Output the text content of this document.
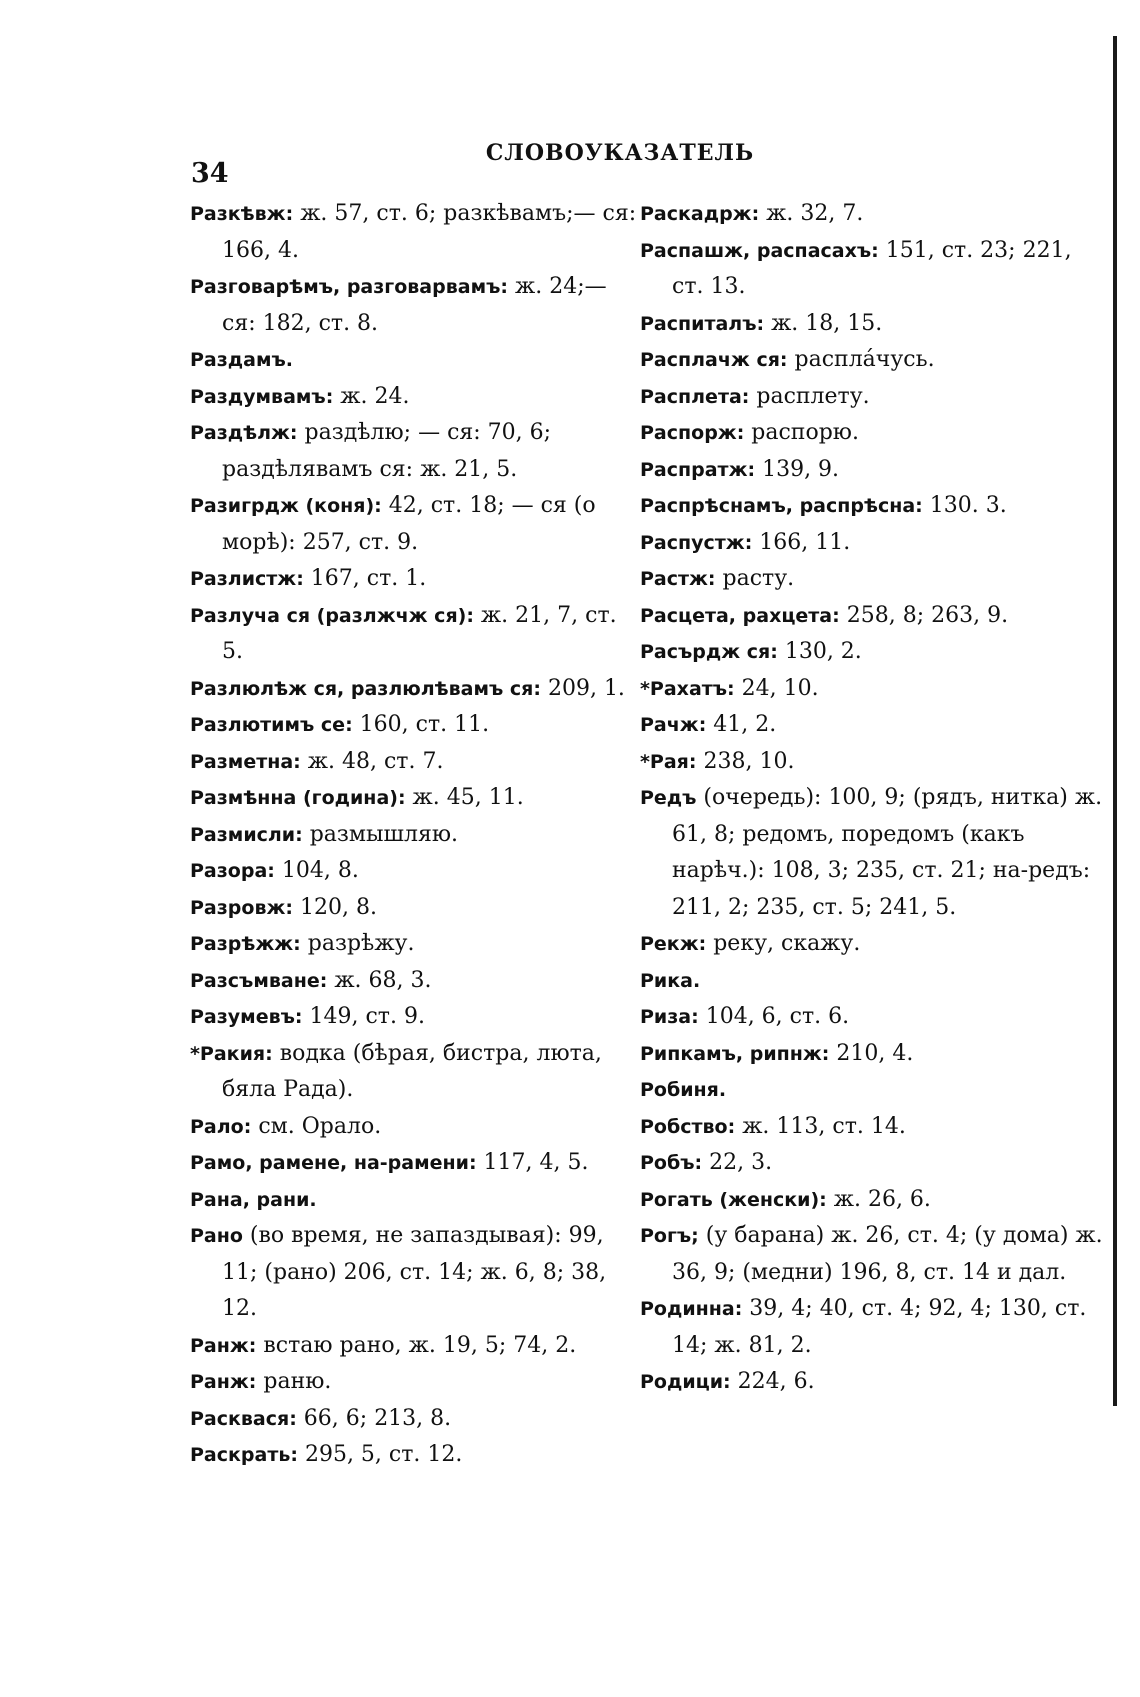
34
СЛОВОУКАЗАТЕЛЬ
Разкѣвж: ж. 57, ст. 6; разкѣвамъ;— ся: 166, 4.
Разговарѣмъ, разговарвамъ: ж. 24;— ся: 182, ст. 8.
Раздамъ.
Раздумвамъ: ж. 24.
Раздѣлж: раздѣлю; — ся: 70, 6; раздѣлявамъ ся: ж. 21, 5.
Разигрдж (коня): 42, ст. 18; — ся (о морѣ): 257, ст. 9.
Разлистж: 167, ст. 1.
Разлуча ся (разлжчж ся): ж. 21, 7, ст. 5.
Разлюлѣж ся, разлюлѣвамъ ся: 209, 1.
Разлютимъ се: 160, ст. 11.
Разметна: ж. 48, ст. 7.
Размѣнна (година): ж. 45, 11.
Размисли: размышляю.
Разора: 104, 8.
Разровж: 120, 8.
Разрѣжж: разрѣжу.
Разсъмване: ж. 68, 3.
Разумевъ: 149, ст. 9.
*Ракия: водка (бѣрая, бистра, люта, бяла Рада).
Рало: см. Орало.
Рамо, рамене, на-рамени: 117, 4, 5.
Рана, рани.
Рано (во время, не запаздывая): 99, 11; (рано) 206, ст. 14; ж. 6, 8; 38, 12.
Ранж: встаю рано, ж. 19, 5; 74, 2.
Ранж: раню.
Расквася: 66, 6; 213, 8.
Раскрать: 295, 5, ст. 12.
Раскадрж: ж. 32, 7.
Распашж, распасахъ: 151, ст. 23; 221, ст. 13.
Распиталъ: ж. 18, 15.
Расплачж ся: расплáчусь.
Расплета: расплету.
Распорж: распорю.
Распратж: 139, 9.
Распрѣснамъ, распрѣсна: 130. 3.
Распустж: 166, 11.
Растж: расту.
Расцета, рахцета: 258, 8; 263, 9.
Расърдж ся: 130, 2.
*Рахатъ: 24, 10.
Рачж: 41, 2.
*Рая: 238, 10.
Редъ (очередь): 100, 9; (рядъ, нитка) ж. 61, 8; редомъ, поредомъ (какъ нарѣч.): 108, 3; 235, ст. 21; на-редъ: 211, 2; 235, ст. 5; 241, 5.
Рекж: реку, скажу.
Рика.
Риза: 104, 6, ст. 6.
Рипкамъ, рипнж: 210, 4.
Робиня.
Робство: ж. 113, ст. 14.
Робъ: 22, 3.
Рогать (женски): ж. 26, 6.
Рогъ; (у барана) ж. 26, ст. 4; (у дома) ж. 36, 9; (медни) 196, 8, ст. 14 и дал.
Родинна: 39, 4; 40, ст. 4; 92, 4; 130, ст. 14; ж. 81, 2.
Родици: 224, 6.
